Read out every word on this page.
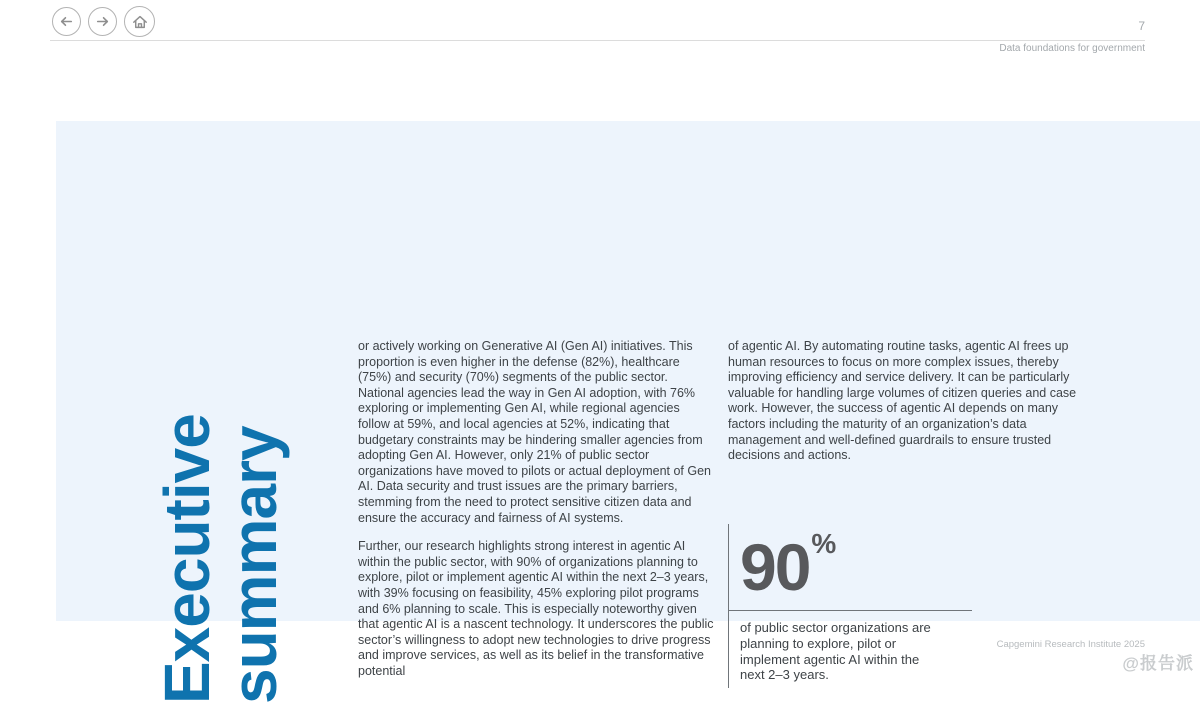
7
Data foundations for government
Executive
summary

or actively working on Generative AI (Gen AI) initiatives. This proportion is even higher in the defense (82%), healthcare (75%) and security (70%) segments of the public sector. National agencies lead the way in Gen AI adoption, with 76% exploring or implementing Gen AI, while regional agencies follow at 59%, and local agencies at 52%, indicating that budgetary constraints may be hindering smaller agencies from adopting Gen AI. However, only 21% of public sector organizations have moved to pilots or actual deployment of Gen AI. Data security and trust issues are the primary barriers, stemming from the need to protect sensitive citizen data and ensure the accuracy and fairness of AI systems.

Further, our research highlights strong interest in agentic AI within the public sector, with 90% of organizations planning to explore, pilot or implement agentic AI within the next 2–3 years, with 39% focusing on feasibility, 45% exploring pilot programs and 6% planning to scale. This is especially noteworthy given that agentic AI is a nascent technology. It underscores the public sector’s willingness to adopt new technologies to drive progress and improve services, as well as its belief in the transformative potential

of agentic AI. By automating routine tasks, agentic AI frees up human resources to focus on more complex issues, thereby improving efficiency and service delivery. It can be particularly valuable for handling large volumes of citizen queries and case work. However, the success of agentic AI depends on many factors including the maturity of an organization’s data management and well-defined guardrails to ensure trusted decisions and actions.

90%

of public sector organizations are planning to explore, pilot or implement agentic AI within the next 2–3 years.

Capgemini Research Institute 2025
@报告派
